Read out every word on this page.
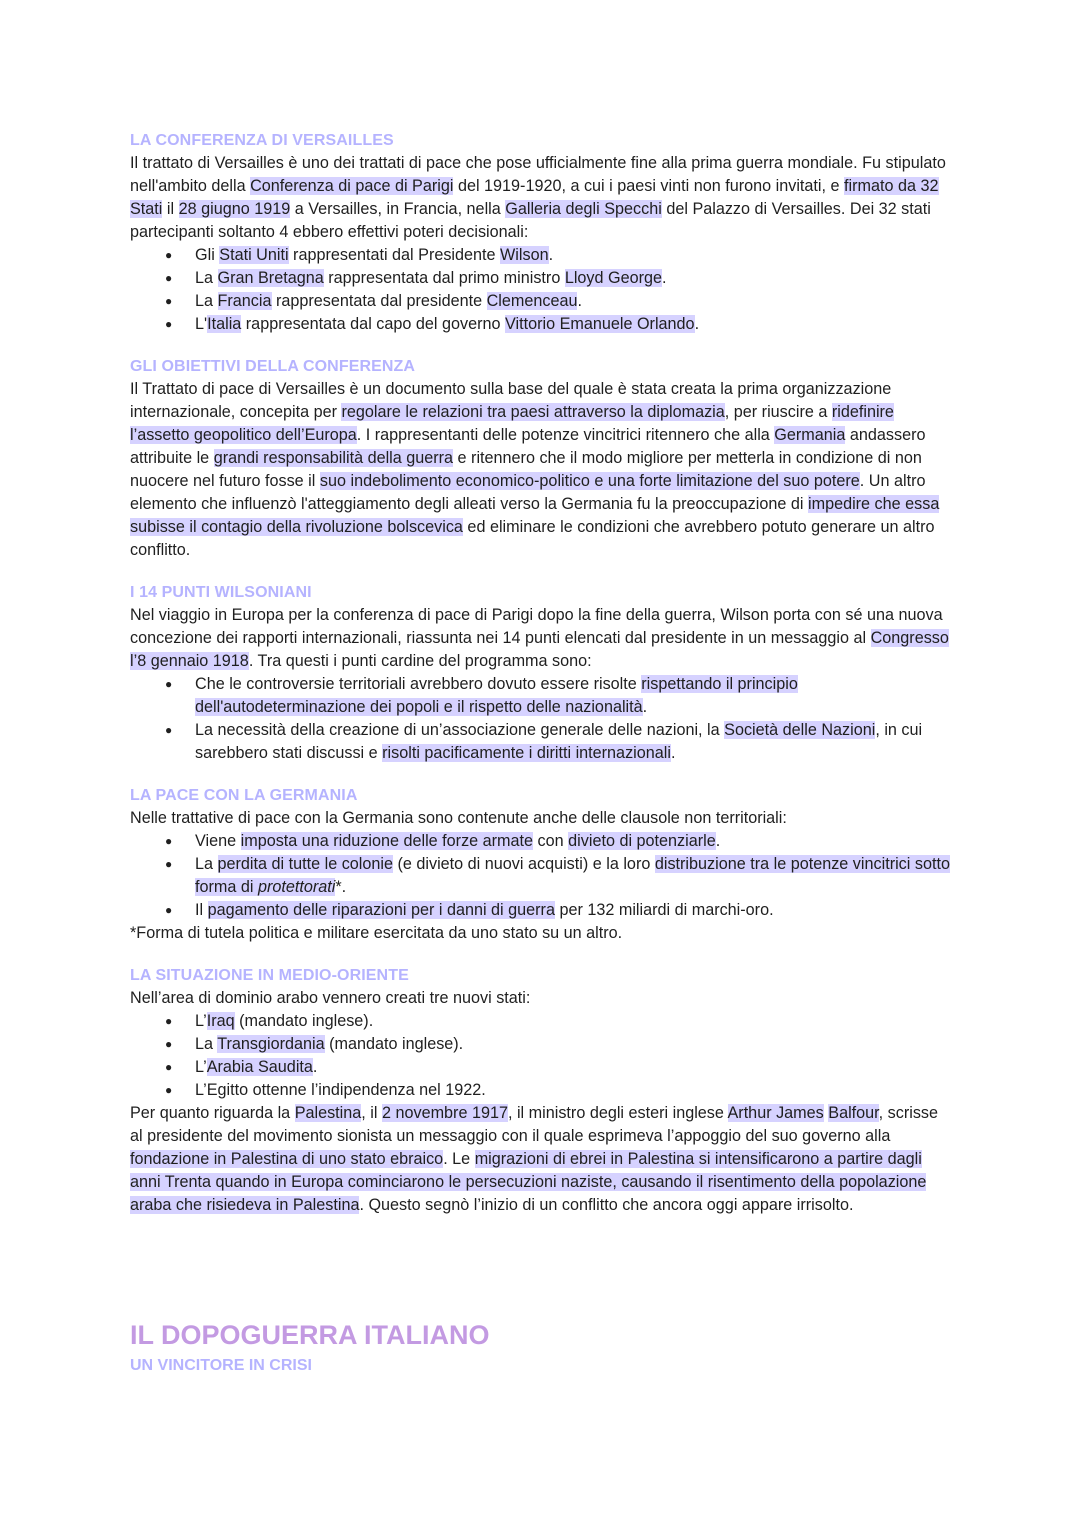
LA CONFERENZA DI VERSAILLES

Il trattato di Versailles è uno dei trattati di pace che pose ufficialmente fine alla prima guerra mondiale. Fu stipulato nell'ambito della Conferenza di pace di Parigi del 1919-1920, a cui i paesi vinti non furono invitati, e firmato da 32 Stati il 28 giugno 1919 a Versailles, in Francia, nella Galleria degli Specchi del Palazzo di Versailles. Dei 32 stati partecipanti soltanto 4 ebbero effettivi poteri decisionali:

● Gli Stati Uniti rappresentati dal Presidente Wilson.
● La Gran Bretagna rappresentata dal primo ministro Lloyd George.
● La Francia rappresentata dal presidente Clemenceau.
● L'Italia rappresentata dal capo del governo Vittorio Emanuele Orlando.
GLI OBIETTIVI DELLA CONFERENZA

Il Trattato di pace di Versailles è un documento sulla base del quale è stata creata la prima organizzazione internazionale, concepita per regolare le relazioni tra paesi attraverso la diplomazia, per riuscire a ridefinire l’assetto geopolitico dell’Europa. I rappresentanti delle potenze vincitrici ritennero che alla Germania andassero attribuite le grandi responsabilità della guerra e ritennero che il modo migliore per metterla in condizione di non nuocere nel futuro fosse il suo indebolimento economico-politico e una forte limitazione del suo potere. Un altro elemento che influenzò l'atteggiamento degli alleati verso la Germania fu la preoccupazione di impedire che essa subisse il contagio della rivoluzione bolscevica ed eliminare le condizioni che avrebbero potuto generare un altro conflitto.

I 14 PUNTI WILSONIANI

Nel viaggio in Europa per la conferenza di pace di Parigi dopo la fine della guerra, Wilson porta con sé una nuova concezione dei rapporti internazionali, riassunta nei 14 punti elencati dal presidente in un messaggio al Congresso l’8 gennaio 1918. Tra questi i punti cardine del programma sono:

● Che le controversie territoriali avrebbero dovuto essere risolte rispettando il principio dell'autodeterminazione dei popoli e il rispetto delle nazionalità.
● La necessità della creazione di un’associazione generale delle nazioni, la Società delle Nazioni, in cui sarebbero stati discussi e risolti pacificamente i diritti internazionali.
LA PACE CON LA GERMANIA

Nelle trattative di pace con la Germania sono contenute anche delle clausole non territoriali:

● Viene imposta una riduzione delle forze armate con divieto di potenziarle.
● La perdita di tutte le colonie (e divieto di nuovi acquisti) e la loro distribuzione tra le potenze vincitrici sotto forma di protettorati*.
● Il pagamento delle riparazioni per i danni di guerra per 132 miliardi di marchi-oro.

*Forma di tutela politica e militare esercitata da uno stato su un altro.

LA SITUAZIONE IN MEDIO-ORIENTE

Nell’area di dominio arabo vennero creati tre nuovi stati:

● L’Iraq (mandato inglese).
● La Transgiordania (mandato inglese).
● L’Arabia Saudita.
● L’Egitto ottenne l’indipendenza nel 1922.

Per quanto riguarda la Palestina, il 2 novembre 1917, il ministro degli esteri inglese Arthur James Balfour, scrisse al presidente del movimento sionista un messaggio con il quale esprimeva l’appoggio del suo governo alla fondazione in Palestina di uno stato ebraico. Le migrazioni di ebrei in Palestina si intensificarono a partire dagli anni Trenta quando in Europa cominciarono le persecuzioni naziste, causando il risentimento della popolazione araba che risiedeva in Palestina. Questo segnò l’inizio di un conflitto che ancora oggi appare irrisolto.

IL DOPOGUERRA ITALIANO
UN VINCITORE IN CRISI
